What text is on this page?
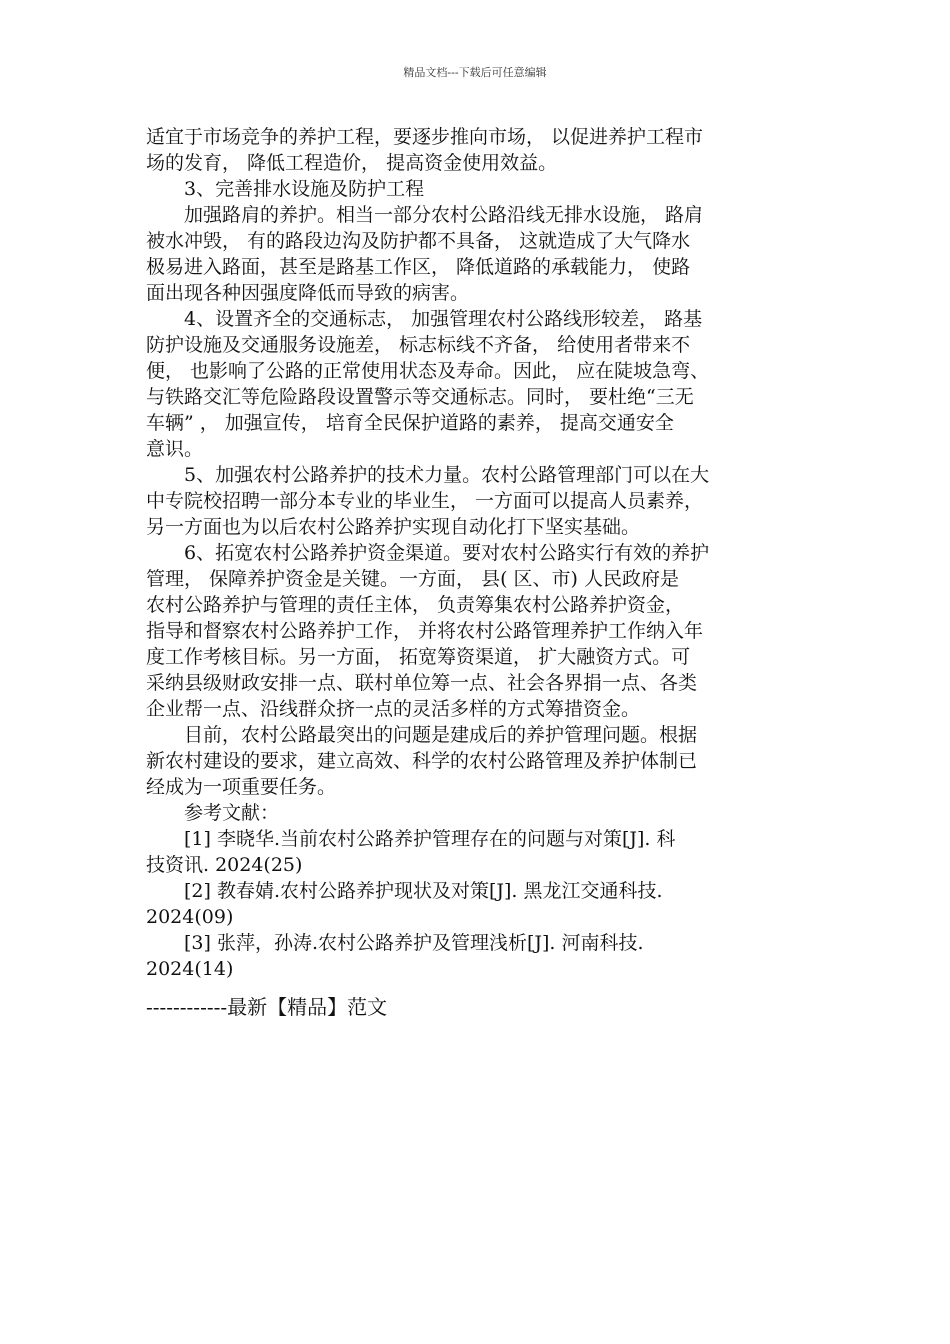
精品文档---下载后可任意编辑
适宜于市场竞争的养护工程，要逐步推向市场， 以促进养护工程市
场的发育， 降低工程造价， 提高资金使用效益。
　　3、完善排水设施及防护工程
　　加强路肩的养护。相当一部分农村公路沿线无排水设施， 路肩
被水冲毁， 有的路段边沟及防护都不具备， 这就造成了大气降水
极易进入路面，甚至是路基工作区， 降低道路的承载能力， 使路
面出现各种因强度降低而导致的病害。
　　4、设置齐全的交通标志， 加强管理农村公路线形较差， 路基
防护设施及交通服务设施差， 标志标线不齐备， 给使用者带来不
便， 也影响了公路的正常使用状态及寿命。因此， 应在陡坡急弯、
与铁路交汇等危险路段设置警示等交通标志。同时， 要杜绝“三无
车辆” ， 加强宣传， 培育全民保护道路的素养， 提高交通安全
意识。
　　5、加强农村公路养护的技术力量。农村公路管理部门可以在大
中专院校招聘一部分本专业的毕业生， 一方面可以提高人员素养，
另一方面也为以后农村公路养护实现自动化打下坚实基础。
　　6、拓宽农村公路养护资金渠道。要对农村公路实行有效的养护
管理， 保障养护资金是关键。一方面， 县( 区、市) 人民政府是
农村公路养护与管理的责任主体， 负责筹集农村公路养护资金，
指导和督察农村公路养护工作， 并将农村公路管理养护工作纳入年
度工作考核目标。另一方面， 拓宽筹资渠道， 扩大融资方式。可
采纳县级财政安排一点、联村单位筹一点、社会各界捐一点、各类
企业帮一点、沿线群众挤一点的灵活多样的方式筹措资金。
　　目前，农村公路最突出的问题是建成后的养护管理问题。根据
新农村建设的要求，建立高效、科学的农村公路管理及养护体制已
经成为一项重要任务。
　　参考文献：
　　[1] 李晓华.当前农村公路养护管理存在的问题与对策[J]. 科
技资讯. 2024(25)
　　[2] 教春婧.农村公路养护现状及对策[J]. 黑龙江交通科技.
2024(09)
　　[3] 张萍，孙涛.农村公路养护及管理浅析[J]. 河南科技.
2024(14)
------------最新【精品】范文
